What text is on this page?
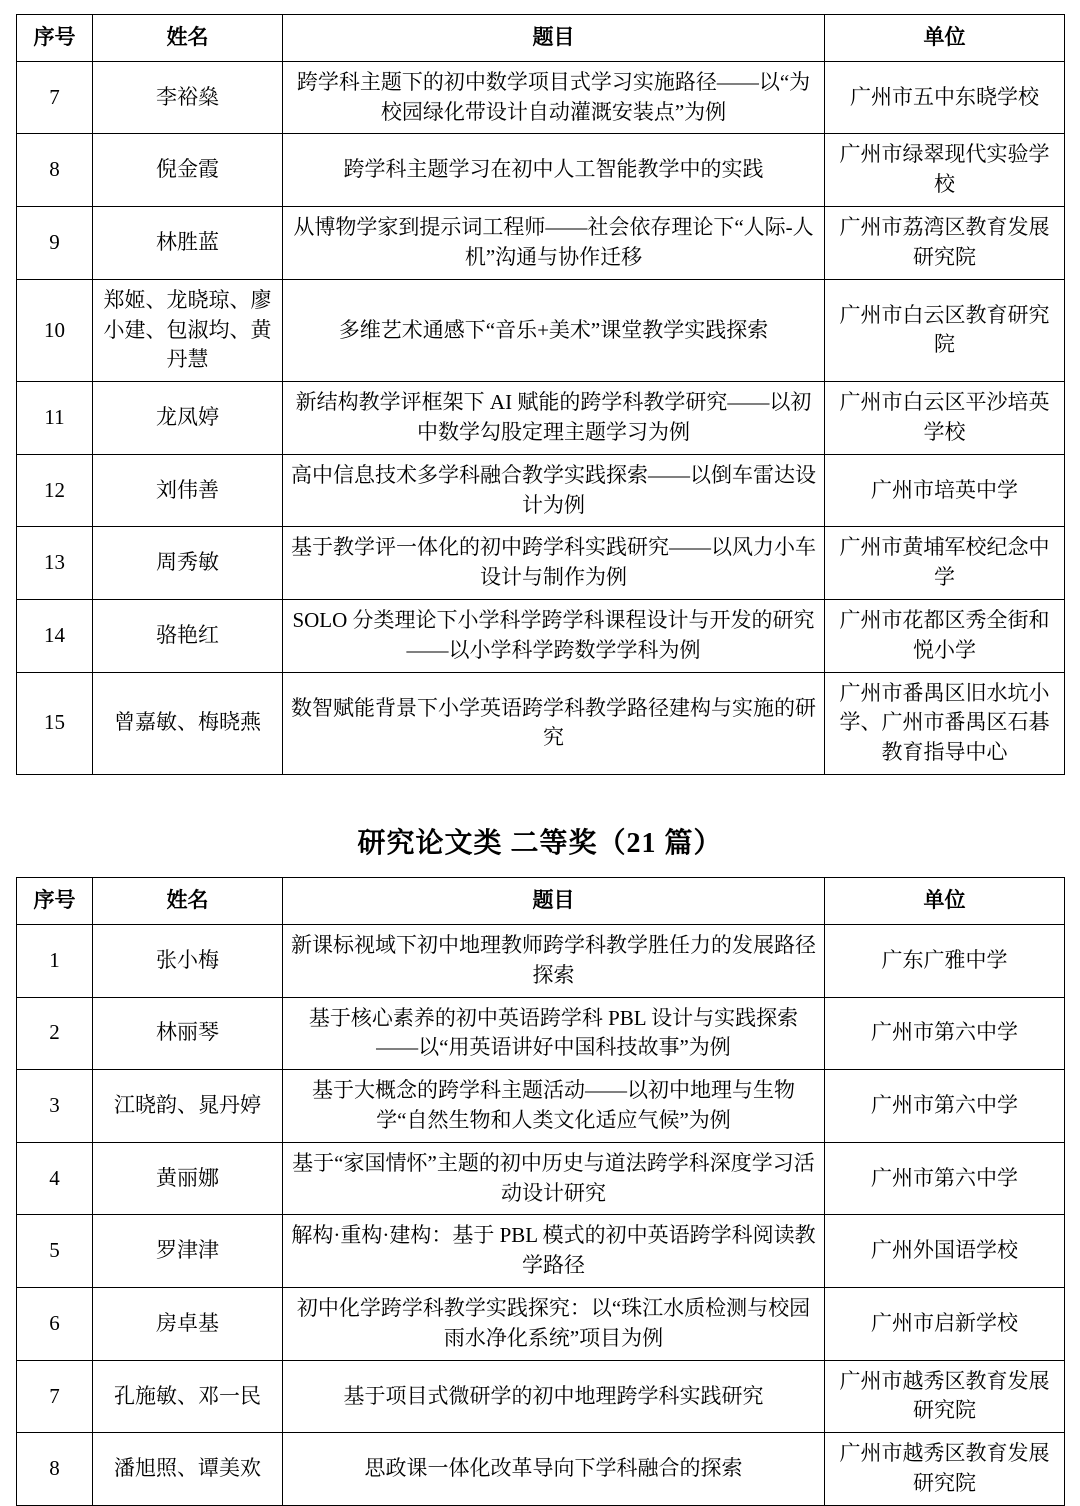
序号	姓名	题目	单位
7	李裕燊	跨学科主题下的初中数学项目式学习实施路径——以“为校园绿化带设计自动灌溉安装点”为例	广州市五中东晓学校
8	倪金霞	跨学科主题学习在初中人工智能教学中的实践	广州市绿翠现代实验学校
9	林胜蓝	从博物学家到提示词工程师——社会依存理论下“人际-人机”沟通与协作迁移	广州市荔湾区教育发展研究院
10	郑姬、龙晓琼、廖小建、包淑均、黄丹慧	多维艺术通感下“音乐+美术”课堂教学实践探索	广州市白云区教育研究院
11	龙凤婷	新结构教学评框架下 AI 赋能的跨学科教学研究——以初中数学勾股定理主题学习为例	广州市白云区平沙培英学校
12	刘伟善	高中信息技术多学科融合教学实践探索——以倒车雷达设计为例	广州市培英中学
13	周秀敏	基于教学评一体化的初中跨学科实践研究——以风力小车设计与制作为例	广州市黄埔军校纪念中学
14	骆艳红	SOLO 分类理论下小学科学跨学科课程设计与开发的研究——以小学科学跨数学学科为例	广州市花都区秀全街和悦小学
15	曾嘉敏、梅晓燕	数智赋能背景下小学英语跨学科教学路径建构与实施的研究	广州市番禺区旧水坑小学、广州市番禺区石碁教育指导中心
研究论文类 二等奖（21 篇）
序号	姓名	题目	单位
1	张小梅	新课标视域下初中地理教师跨学科教学胜任力的发展路径探索	广东广雅中学
2	林丽琴	基于核心素养的初中英语跨学科 PBL 设计与实践探索——以“用英语讲好中国科技故事”为例	广州市第六中学
3	江晓韵、晁丹婷	基于大概念的跨学科主题活动——以初中地理与生物学“自然生物和人类文化适应气候”为例	广州市第六中学
4	黄丽娜	基于“家国情怀”主题的初中历史与道法跨学科深度学习活动设计研究	广州市第六中学
5	罗津津	解构·重构·建构：基于 PBL 模式的初中英语跨学科阅读教学路径	广州外国语学校
6	房卓基	初中化学跨学科教学实践探究：以“珠江水质检测与校园雨水净化系统”项目为例	广州市启新学校
7	孔施敏、邓一民	基于项目式微研学的初中地理跨学科实践研究	广州市越秀区教育发展研究院
8	潘旭照、谭美欢	思政课一体化改革导向下学科融合的探索	广州市越秀区教育发展研究院
